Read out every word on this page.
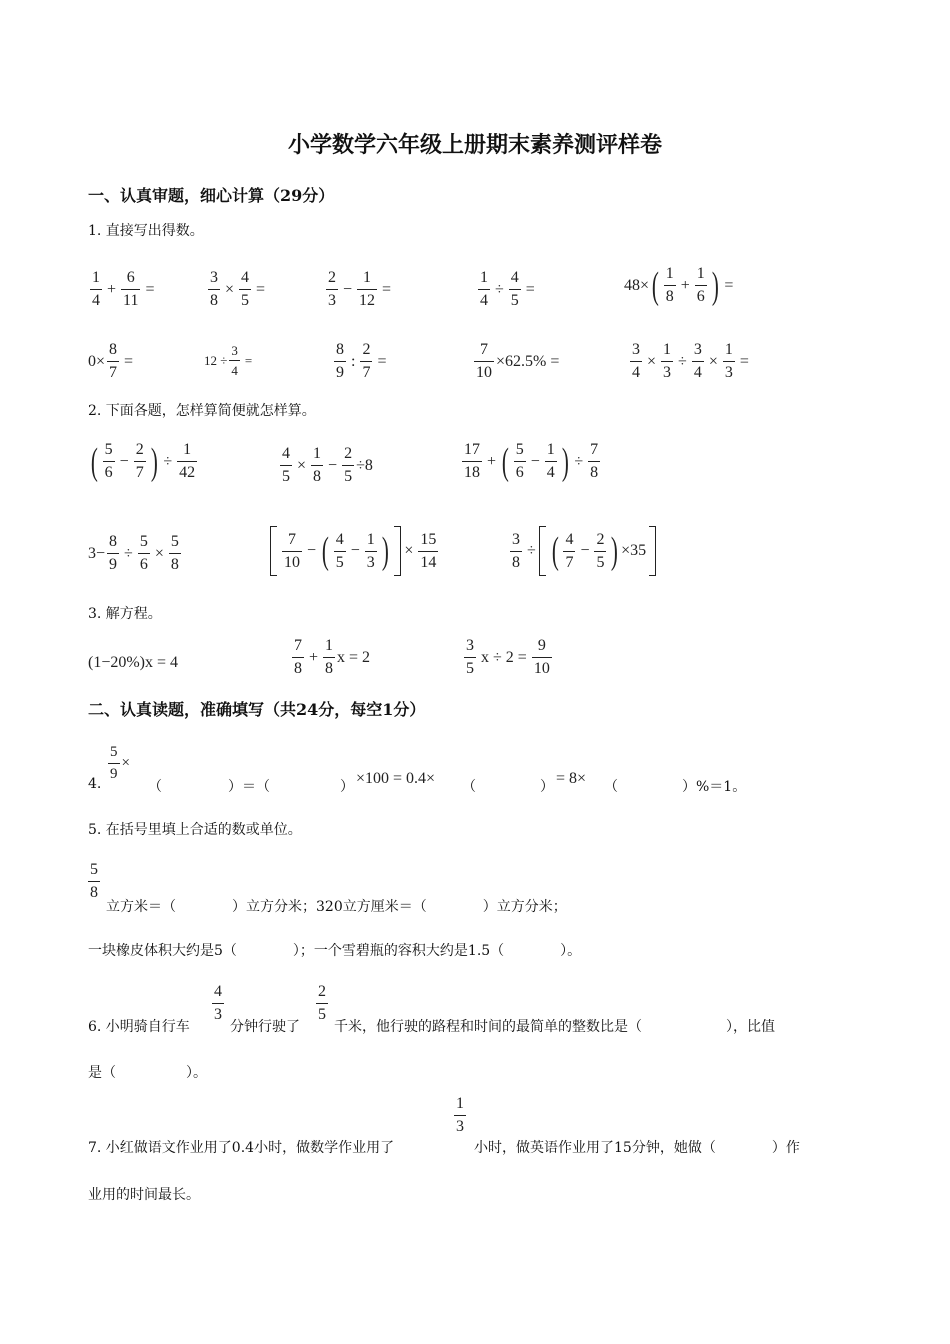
小学数学六年级上册期末素养测评样卷
一、认真审题，细心计算（29分）
1. 直接写出得数。
$\frac{1}{4} + \frac{6}{11}$ =	$\frac{3}{8} \times \frac{4}{5}$ =	$\frac{2}{3} - \frac{1}{12}$ =	$\frac{1}{4} \div \frac{4}{5}$ =	48× ( $\frac{1}{8} + \frac{1}{6}$ ) =
$0\times \frac{8}{7}$ =	$12 \div \frac{3}{4}$ =	$\frac{8}{9}$ : $\frac{2}{7}$ =	$\frac{7}{10} \times 62.5\%$ =	$\frac{3}{4} \times \frac{1}{3} \div \frac{3}{4} \times \frac{1}{3}$ =
2. 下面各题，怎样算简便就怎样算。
( $\frac{5}{6} - \frac{2}{7}$ ) ÷ $\frac{1}{42}$	$\frac{4}{5} \times \frac{1}{8} - \frac{2}{5} \div 8$	$\frac{17}{18}$ + ( $\frac{5}{6} - \frac{1}{4}$ ) ÷ $\frac{7}{8}$
$3- \frac{8}{9} \div \frac{5}{6} \times \frac{5}{8}$	$\frac{7}{10}$ − ( $\frac{4}{5} - \frac{1}{3}$ ) × $\frac{15}{14}$	$\frac{3}{8}$ ÷ ( $\frac{4}{7} - \frac{2}{5}$ ) ×35
3. 解方程。
(1−20%)x = 4	$\frac{7}{8} + \frac{1}{8}$ x = 2	$\frac{3}{5}$ $x \div 2 = \frac{9}{10}$
二、认真读题，准确填写（共24分，每空1分）
4.
$\frac{5}{9}$ ×
（	）＝（	） ×100 = 0.4× （	） = 8× （	）%＝1。
5. 在括号里填上合适的数或单位。
$\frac{5}{8}$
立方米＝（　　　　）立方分米；320立方厘米＝（　　　　）立方分米；
一块橡皮体积大约是5（　　　　）；一个雪碧瓶的容积大约是1.5（　　　　）。
6. 小明骑自行车
$\frac{4}{3}$
分钟行驶了
$\frac{2}{5}$
千米，他行驶的路程和时间的最简单的整数比是（　　　　　　），比值
是（　　　　　）。
7. 小红做语文作业用了0.4小时，做数学作业用了
$\frac{1}{3}$
小时，做英语作业用了15分钟，她做（　　　　）作
业用的时间最长。
